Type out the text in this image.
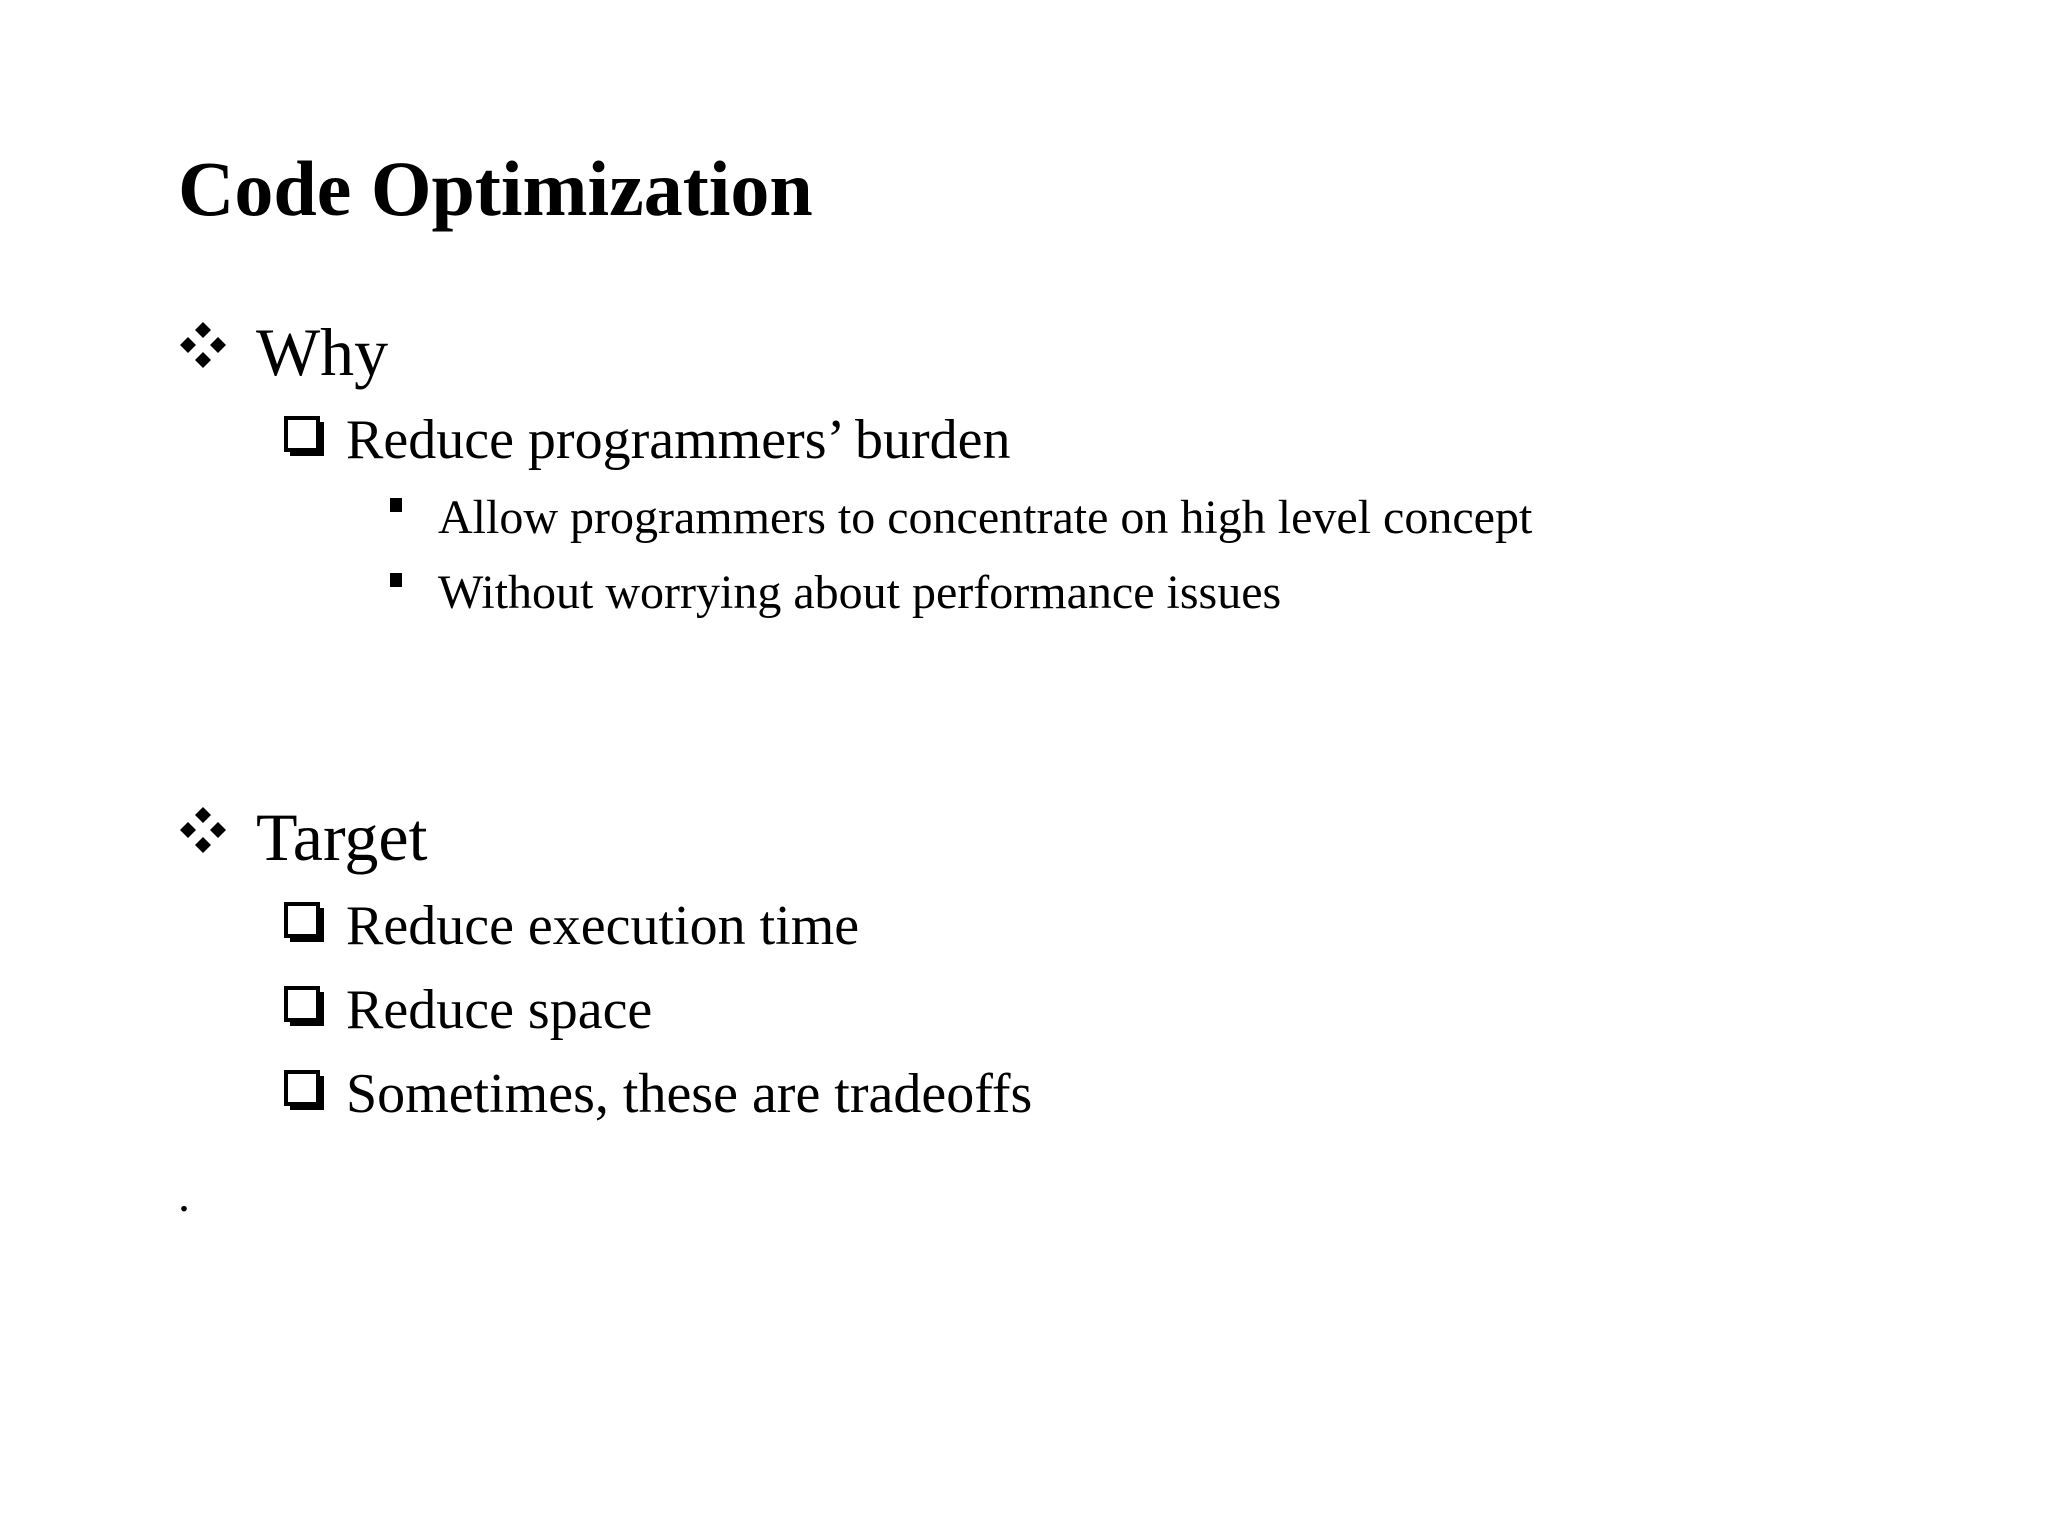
Code Optimization
Why
Reduce programmers’ burden
Allow programmers to concentrate on high level concept
Without worrying about performance issues
Target
Reduce execution time
Reduce space
Sometimes, these are tradeoffs
.
